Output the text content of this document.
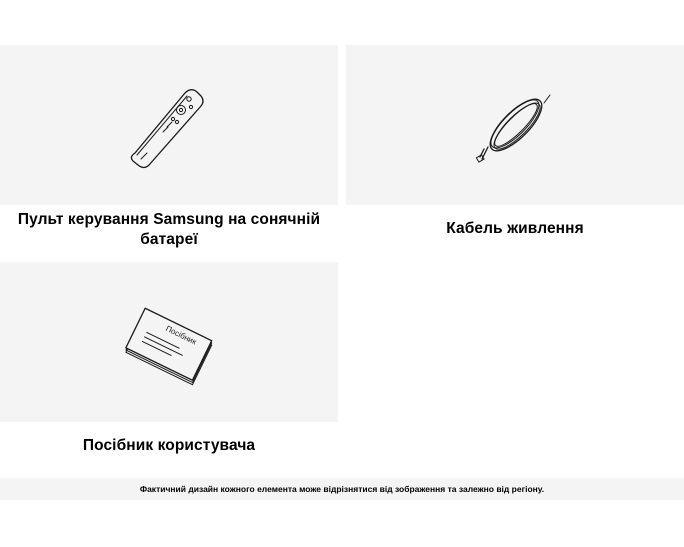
Пульт керування Samsung на сонячній
батареї
Кабель живлення
Посібник
Посібник користувача
Фактичний дизайн кожного елемента може відрізнятися від зображення та залежно від регіону.
